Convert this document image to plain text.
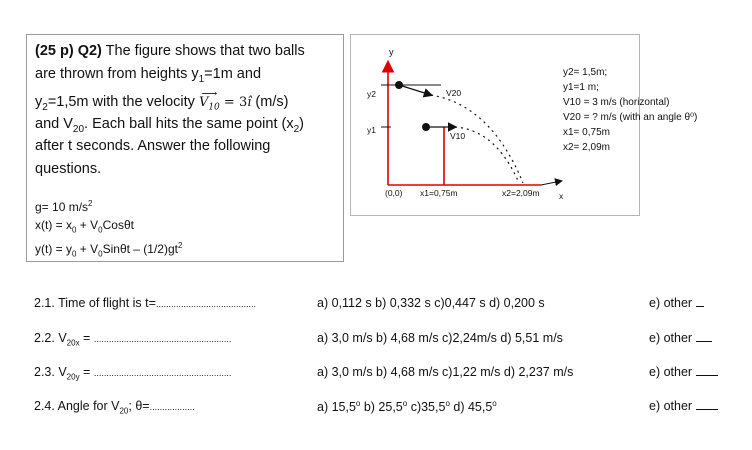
(25 p) Q2) The figure shows that two balls
are thrown from heights $y_1=1m$ and
$y_2=1,5m$ with the velocity
⟶
$V_{10}$ = 3î (m/s)
and $V_{20}$. Each ball hits the same point $(x_2)$
after t seconds. Answer the following
questions.
g= 10 $m/s^2$
$x(t) = x_0 + V_0Cos\theta t$
$y(t) = y_0 + V_0Sin\theta t - (1/2)gt^2$
y
y2
y1
V20
V10
(0,0) x1=0,75m	x2=2,09m x
y2= 1,5m;
y1=1 m;
V10 = 3 m/s (horizontal)
V20 = ? m/s (with an angle θ⁰)
x1= 0,75m
x2= 2,09m
2.1. Time of flight is t=........................................	a) 0,112 s b) 0,332 s c)0,447 s d) 0,200 s	e) other
2.2. $V_{20x}$ = .......................................................	a) 3,0 m/s b) 4,68 m/s c)2,24m/s d) 5,51 m/s	e) other
2.3. $V_{20y}$ = .......................................................	a) 3,0 m/s b) 4,68 m/s c)1,22 m/s d) 2,237 m/s	e) other
2.4. Angle for $V_{20}$; θ=..................	a) 15,5$^o$ b) 25,5$^o$ c)35,5$^o$ d) 45,5$^o$	e) other
